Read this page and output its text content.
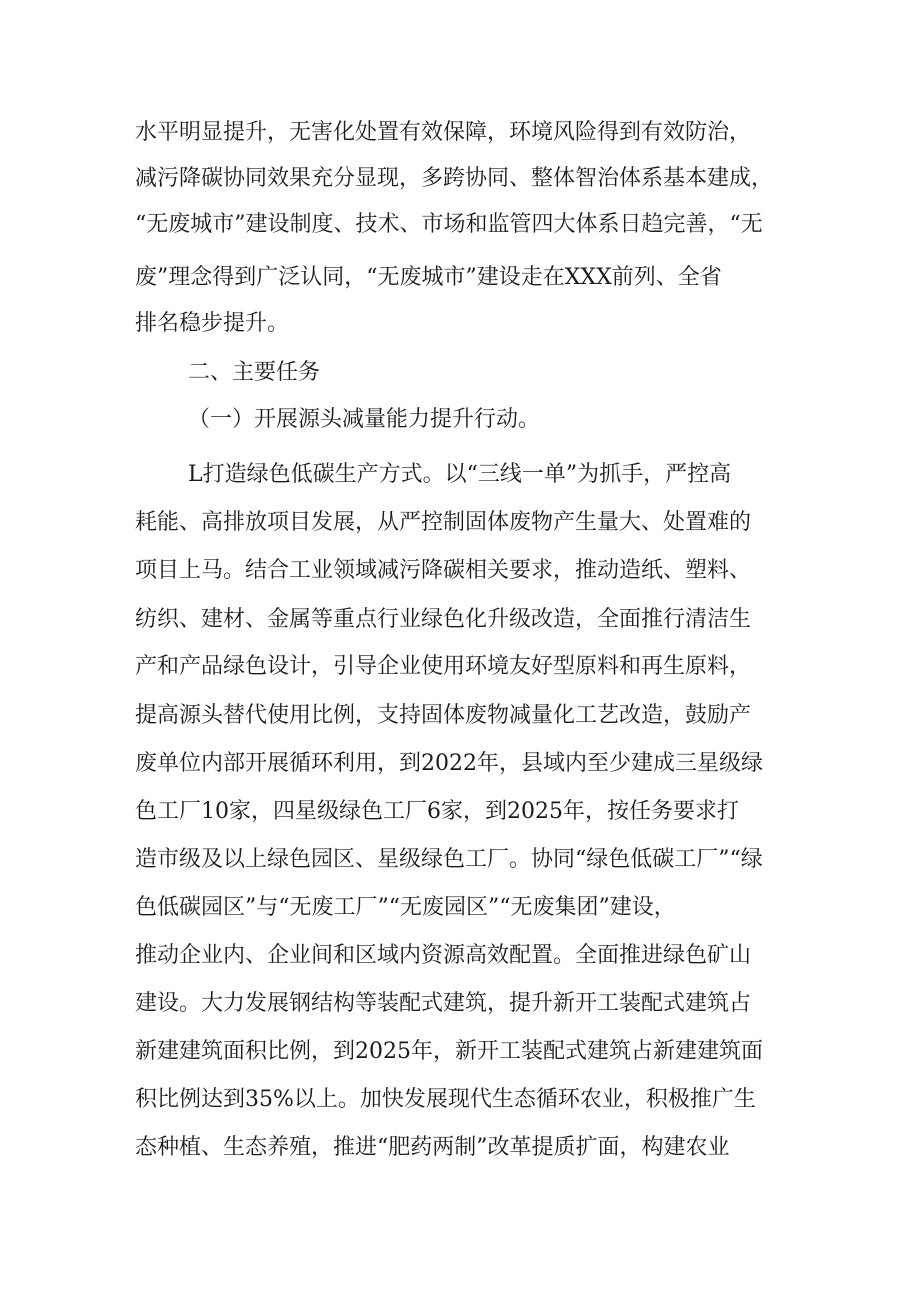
水平明显提升，无害化处置有效保障，环境风险得到有效防治，
减污降碳协同效果充分显现，多跨协同、整体智治体系基本建成，
“无废城市”建设制度、技术、市场和监管四大体系日趋完善，“无
废”理念得到广泛认同，“无废城市”建设走在XXX前列、全省
排名稳步提升。
二、主要任务
（一）开展源头减量能力提升行动。
L打造绿色低碳生产方式。以“三线一单”为抓手，严控高
耗能、高排放项目发展，从严控制固体废物产生量大、处置难的
项目上马。结合工业领域减污降碳相关要求，推动造纸、塑料、
纺织、建材、金属等重点行业绿色化升级改造，全面推行清洁生
产和产品绿色设计，引导企业使用环境友好型原料和再生原料，
提高源头替代使用比例，支持固体废物减量化工艺改造，鼓励产
废单位内部开展循环利用，到2022年，县域内至少建成三星级绿
色工厂10家，四星级绿色工厂6家，到2025年，按任务要求打
造市级及以上绿色园区、星级绿色工厂。协同“绿色低碳工厂”“绿
色低碳园区”与“无废工厂”“无废园区”“无废集团”建设，
推动企业内、企业间和区域内资源高效配置。全面推进绿色矿山
建设。大力发展钢结构等装配式建筑，提升新开工装配式建筑占
新建建筑面积比例，到2025年，新开工装配式建筑占新建建筑面
积比例达到35%以上。加快发展现代生态循环农业，积极推广生
态种植、生态养殖，推进“肥药两制”改革提质扩面，构建农业
